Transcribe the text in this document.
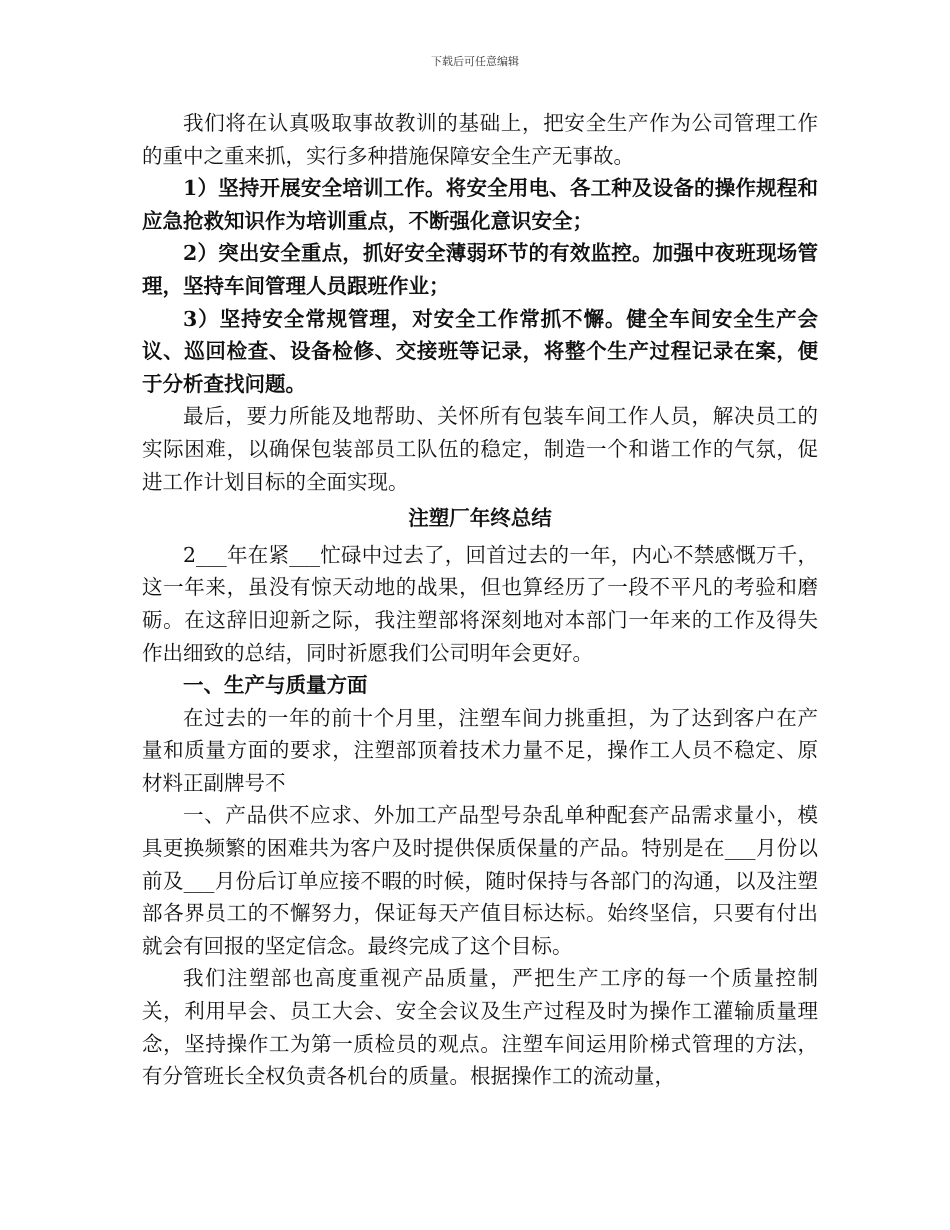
下载后可任意编辑

我们将在认真吸取事故教训的基础上，把安全生产作为公司管理工作的重中之重来抓，实行多种措施保障安全生产无事故。

1）坚持开展安全培训工作。将安全用电、各工种及设备的操作规程和应急抢救知识作为培训重点，不断强化意识安全；

2）突出安全重点，抓好安全薄弱环节的有效监控。加强中夜班现场管理，坚持车间管理人员跟班作业；

3）坚持安全常规管理，对安全工作常抓不懈。健全车间安全生产会议、巡回检查、设备检修、交接班等记录，将整个生产过程记录在案，便于分析查找问题。

最后，要力所能及地帮助、关怀所有包装车间工作人员，解决员工的实际困难，以确保包装部员工队伍的稳定，制造一个和谐工作的气氛，促进工作计划目标的全面实现。

注塑厂年终总结

2___年在紧___忙碌中过去了，回首过去的一年，内心不禁感慨万千，这一年来，虽没有惊天动地的战果，但也算经历了一段不平凡的考验和磨砺。在这辞旧迎新之际，我注塑部将深刻地对本部门一年来的工作及得失作出细致的总结，同时祈愿我们公司明年会更好。

一、生产与质量方面

在过去的一年的前十个月里，注塑车间力挑重担，为了达到客户在产量和质量方面的要求，注塑部顶着技术力量不足，操作工人员不稳定、原材料正副牌号不

一、产品供不应求、外加工产品型号杂乱单种配套产品需求量小，模具更换频繁的困难共为客户及时提供保质保量的产品。特别是在___月份以前及___月份后订单应接不暇的时候，随时保持与各部门的沟通，以及注塑部各界员工的不懈努力，保证每天产值目标达标。始终坚信，只要有付出就会有回报的坚定信念。最终完成了这个目标。

我们注塑部也高度重视产品质量，严把生产工序的每一个质量控制关，利用早会、员工大会、安全会议及生产过程及时为操作工灌输质量理念，坚持操作工为第一质检员的观点。注塑车间运用阶梯式管理的方法，有分管班长全权负责各机台的质量。根据操作工的流动量，
